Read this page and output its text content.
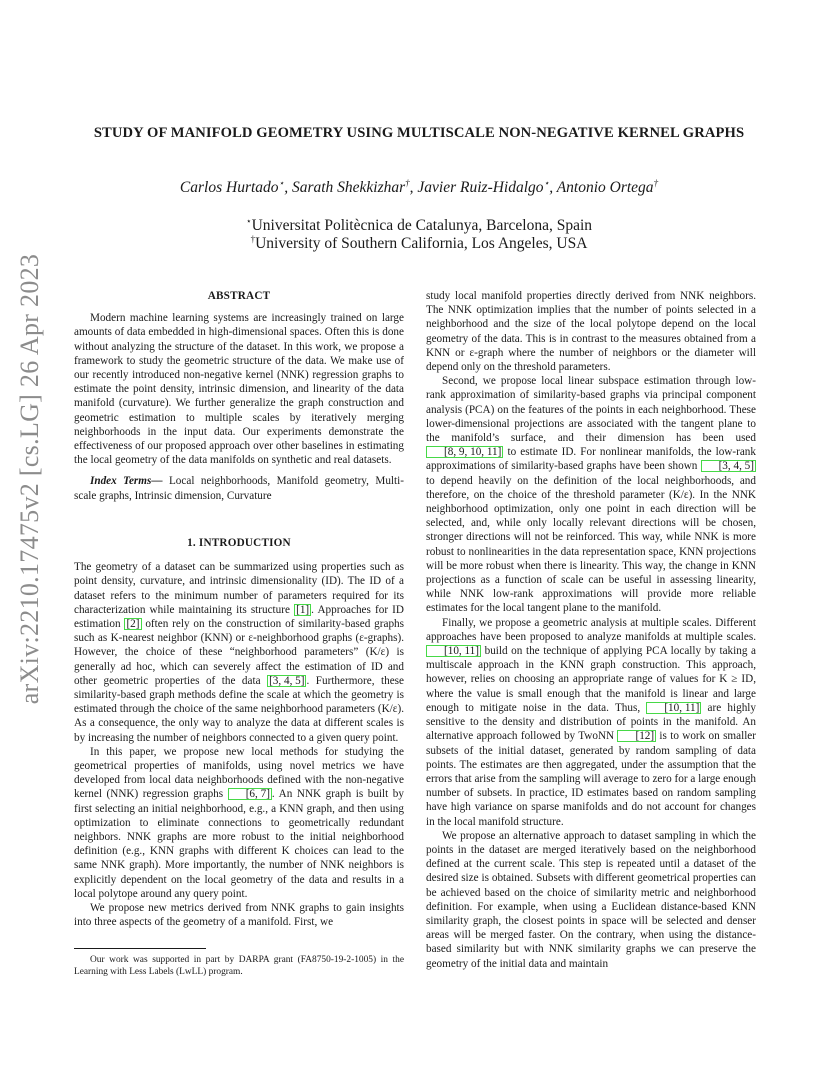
arXiv:2210.17475v2 [cs.LG] 26 Apr 2023
STUDY OF MANIFOLD GEOMETRY USING MULTISCALE NON-NEGATIVE KERNEL GRAPHS
Carlos Hurtado⋆, Sarath Shekkizhar†, Javier Ruiz-Hidalgo⋆, Antonio Ortega†
⋆Universitat Politècnica de Catalunya, Barcelona, Spain
†University of Southern California, Los Angeles, USA
ABSTRACT

Modern machine learning systems are increasingly trained on large amounts of data embedded in high-dimensional spaces. Often this is done without analyzing the structure of the dataset. In this work, we propose a framework to study the geometric structure of the data. We make use of our recently introduced non-negative kernel (NNK) regression graphs to estimate the point density, intrinsic dimension, and linearity of the data manifold (curvature). We further generalize the graph construction and geometric estimation to multiple scales by iteratively merging neighborhoods in the input data. Our experiments demonstrate the effectiveness of our proposed approach over other baselines in estimating the local geometry of the data manifolds on synthetic and real datasets.

Index Terms— Local neighborhoods, Manifold geometry, Multi-scale graphs, Intrinsic dimension, Curvature

1. INTRODUCTION

The geometry of a dataset can be summarized using properties such as point density, curvature, and intrinsic dimensionality (ID). The ID of a dataset refers to the minimum number of parameters required for its characterization while maintaining its structure [1] . Approaches for ID estimation [2] often rely on the construction of similarity-based graphs such as K-nearest neighbor (KNN) or ε-neighborhood graphs (ε-graphs). However, the choice of these “neighborhood parameters” (K/ε) is generally ad hoc, which can severely affect the estimation of ID and other geometric properties of the data [3, 4, 5] . Furthermore, these similarity-based graph methods define the scale at which the geometry is estimated through the choice of the same neighborhood parameters (K/ε). As a consequence, the only way to analyze the data at different scales is by increasing the number of neighbors connected to a given query point.

In this paper, we propose new local methods for studying the geometrical properties of manifolds, using novel metrics we have developed from local data neighborhoods defined with the non-negative kernel (NNK) regression graphs [6, 7] . An NNK graph is built by first selecting an initial neighborhood, e.g., a KNN graph, and then using optimization to eliminate connections to geometrically redundant neighbors. NNK graphs are more robust to the initial neighborhood definition (e.g., KNN graphs with different K choices can lead to the same NNK graph). More importantly, the number of NNK neighbors is explicitly dependent on the local geometry of the data and results in a local polytope around any query point.

We propose new metrics derived from NNK graphs to gain insights into three aspects of the geometry of a manifold. First, we

Our work was supported in part by DARPA grant (FA8750-19-2-1005) in the Learning with Less Labels (LwLL) program.

study local manifold properties directly derived from NNK neighbors. The NNK optimization implies that the number of points selected in a neighborhood and the size of the local polytope depend on the local geometry of the data. This is in contrast to the measures obtained from a KNN or ε-graph where the number of neighbors or the diameter will depend only on the threshold parameters.

Second, we propose local linear subspace estimation through low-rank approximation of similarity-based graphs via principal component analysis (PCA) on the features of the points in each neighborhood. These lower-dimensional projections are associated with the tangent plane to the manifold’s surface, and their dimension has been used [8, 9, 10, 11] to estimate ID. For nonlinear manifolds, the low-rank approximations of similarity-based graphs have been shown [3, 4, 5] to depend heavily on the definition of the local neighborhoods, and therefore, on the choice of the threshold parameter (K/ε). In the NNK neighborhood optimization, only one point in each direction will be selected, and, while only locally relevant directions will be chosen, stronger directions will not be reinforced. This way, while NNK is more robust to nonlinearities in the data representation space, KNN projections will be more robust when there is linearity. This way, the change in KNN projections as a function of scale can be useful in assessing linearity, while NNK low-rank approximations will provide more reliable estimates for the local tangent plane to the manifold.

Finally, we propose a geometric analysis at multiple scales. Different approaches have been proposed to analyze manifolds at multiple scales. [10, 11] build on the technique of applying PCA locally by taking a multiscale approach in the KNN graph construction. This approach, however, relies on choosing an appropriate range of values for K ≥ ID, where the value is small enough that the manifold is linear and large enough to mitigate noise in the data. Thus, [10, 11] are highly sensitive to the density and distribution of points in the manifold. An alternative approach followed by TwoNN [12] is to work on smaller subsets of the initial dataset, generated by random sampling of data points. The estimates are then aggregated, under the assumption that the errors that arise from the sampling will average to zero for a large enough number of subsets. In practice, ID estimates based on random sampling have high variance on sparse manifolds and do not account for changes in the local manifold structure.

We propose an alternative approach to dataset sampling in which the points in the dataset are merged iteratively based on the neighborhood defined at the current scale. This step is repeated until a dataset of the desired size is obtained. Subsets with different geometrical properties can be achieved based on the choice of similarity metric and neighborhood definition. For example, when using a Euclidean distance-based KNN similarity graph, the closest points in space will be selected and denser areas will be merged faster. On the contrary, when using the distance-based similarity but with NNK similarity graphs we can preserve the geometry of the initial data and maintain
